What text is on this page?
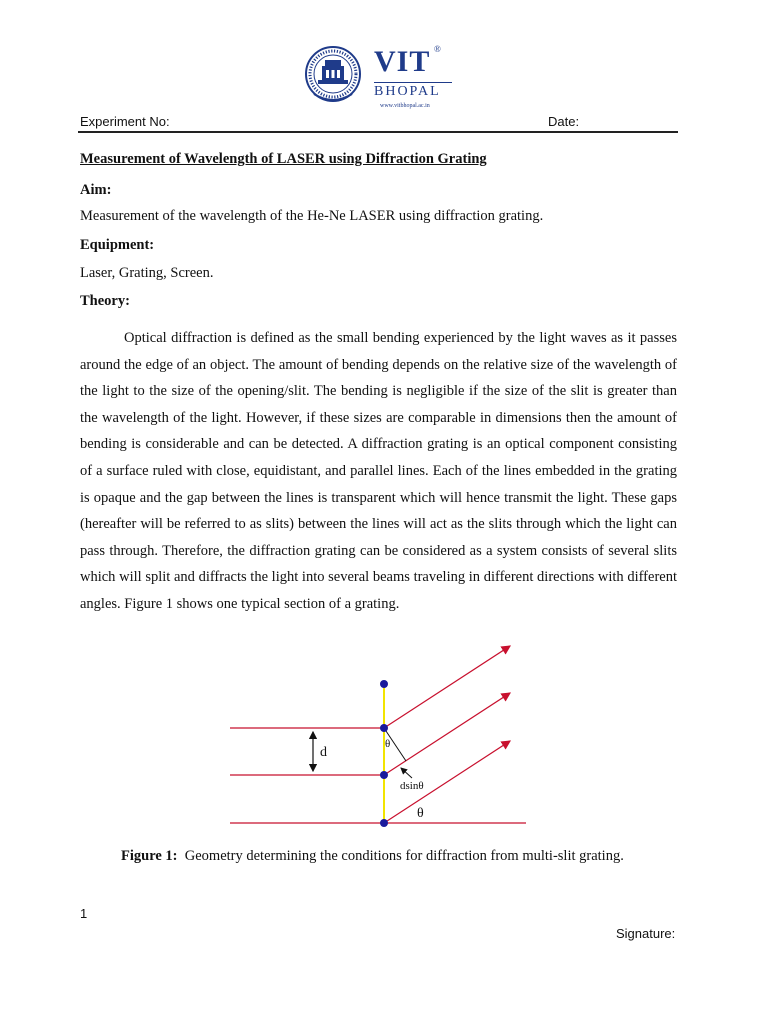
VIT ®
BHOPAL
www.vitbhopal.ac.in
Experiment No:	Date:
Measurement of Wavelength of LASER using Diffraction Grating
Aim:
Measurement of the wavelength of the He-Ne LASER using diffraction grating.
Equipment:
Laser, Grating, Screen.
Theory:

Optical diffraction is defined as the small bending experienced by the light waves as it passes around the edge of an object. The amount of bending depends on the relative size of the wavelength of the light to the size of the opening/slit. The bending is negligible if the size of the slit is greater than the wavelength of the light. However, if these sizes are comparable in dimensions then the amount of bending is considerable and can be detected. A diffraction grating is an optical component consisting of a surface ruled with close, equidistant, and parallel lines. Each of the lines embedded in the grating is opaque and the gap between the lines is transparent which will hence transmit the light. These gaps (hereafter will be referred to as slits) between the lines will act as the slits through which the light can pass through. Therefore, the diffraction grating can be considered as a system consists of several slits which will split and diffracts the light into several beams traveling in different directions with different angles. Figure 1 shows one typical section of a grating.

d
θ
dsinθ
θ
Figure 1: Geometry determining the conditions for diffraction from multi-slit grating.
1
Signature:
